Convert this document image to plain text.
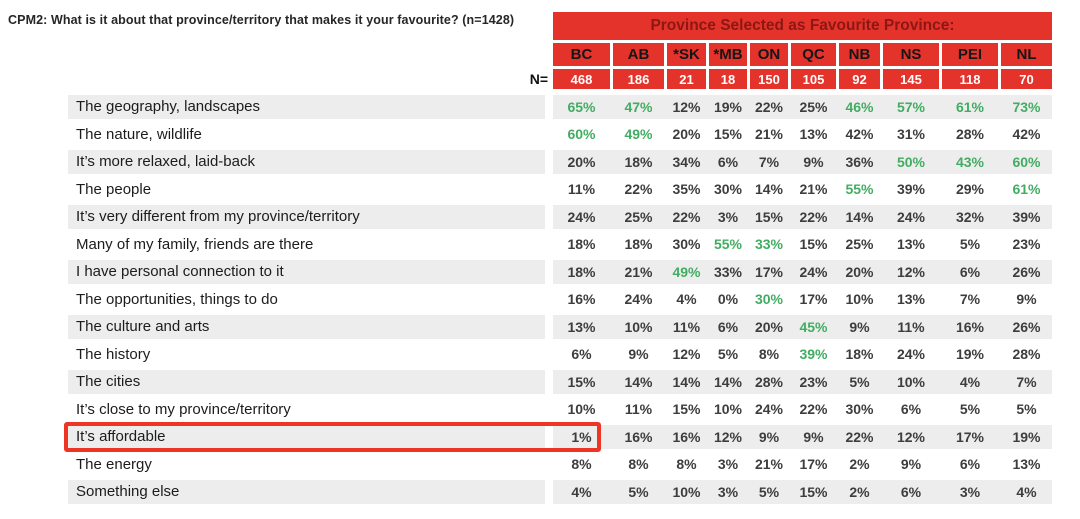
CPM2: What is it about that province/territory that makes it your favourite? (n=1428)	Province Selected as Favourite Province:
BC	AB	*SK *MB	ON	QC	NB	NS	PEI	NL
N=	468	186	21	18	150	105	92	145	118	70
The geography, landscapes	65%	47%	12% 19% 22%	25%	46%	57%	61%	73%
The nature, wildlife	60%	49%	20% 15% 21%	13%	42%	31%	28%	42%
It’s more relaxed, laid-back	20%	18%	34%	6%	7%	9%	36%	50%	43%	60%
The people	11%	22%	35% 30% 14%	21%	55%	39%	29%	61%
It’s very different from my province/territory	24%	25%	22%	3%	15%	22%	14%	24%	32%	39%
Many of my family, friends are there	18%	18%	30% 55% 33%	15%	25%	13%	5%	23%
I have personal connection to it	18%	21%	49% 33% 17%	24%	20%	12%	6%	26%
The opportunities, things to do	16%	24%	4%	0%	30%	17%	10%	13%	7%	9%
The culture and arts	13%	10%	11%	6%	20%	45%	9%	11%	16%	26%
The history	6%	9%	12%	5%	8%	39%	18%	24%	19%	28%
The cities	15%	14%	14% 14% 28%	23%	5%	10%	4%	7%
It’s close to my province/territory	10%	11%	15% 10% 24%	22%	30%	6%	5%	5%
It’s affordable	1%	16%	16% 12%	9%	9%	22%	12%	17%	19%
The energy	8%	8%	8%	3%	21%	17%	2%	9%	6%	13%
Something else	4%	5%	10%	3%	5%	15%	2%	6%	3%	4%
